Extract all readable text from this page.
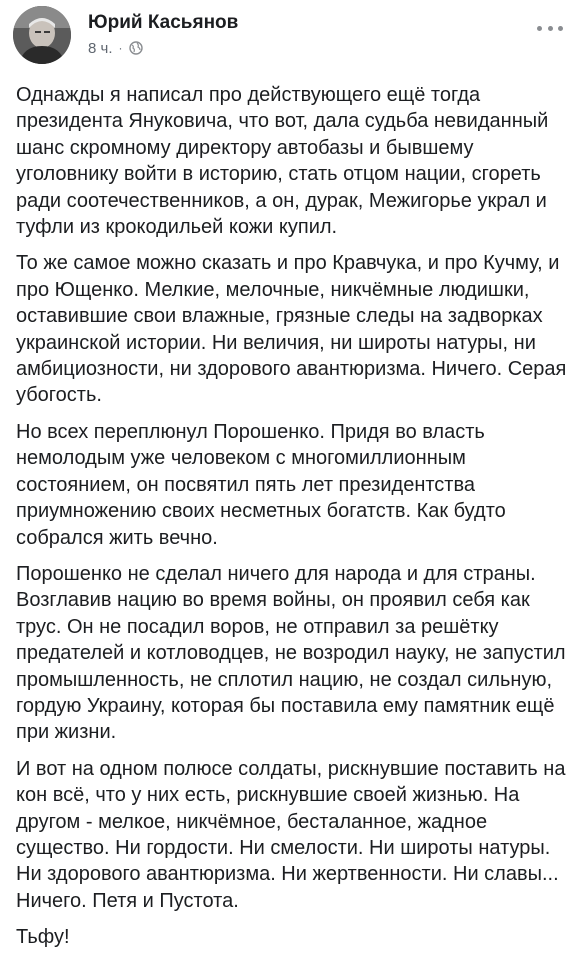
Юрий Касьянов
8 ч. ·

Однажды я написал про действующего ещё тогда президента Януковича, что вот, дала судьба невиданный шанс скромному директору автобазы и бывшему уголовнику войти в историю, стать отцом нации, сгореть ради соотечественников, а он, дурак, Межигорье украл и туфли из крокодильей кожи купил.

То же самое можно сказать и про Кравчука, и про Кучму, и про Ющенко. Мелкие, мелочные, никчёмные людишки, оставившие свои влажные, грязные следы на задворках украинской истории. Ни величия, ни широты натуры, ни амбициозности, ни здорового авантюризма. Ничего. Серая убогость.

Но всех переплюнул Порошенко. Придя во власть немолодым уже человеком с многомиллионным состоянием, он посвятил пять лет президентства приумножению своих несметных богатств. Как будто собрался жить вечно.

Порошенко не сделал ничего для народа и для страны. Возглавив нацию во время войны, он проявил себя как трус. Он не посадил воров, не отправил за решётку предателей и котловодцев, не возродил науку, не запустил промышленность, не сплотил нацию, не создал сильную, гордую Украину, которая бы поставила ему памятник ещё при жизни.

И вот на одном полюсе солдаты, рискнувшие поставить на кон всё, что у них есть, рискнувшие своей жизнью. На другом - мелкое, никчёмное, бесталанное, жадное существо. Ни гордости. Ни смелости. Ни широты натуры. Ни здорового авантюризма. Ни жертвенности. Ни славы... Ничего. Петя и Пустота.

Тьфу!
